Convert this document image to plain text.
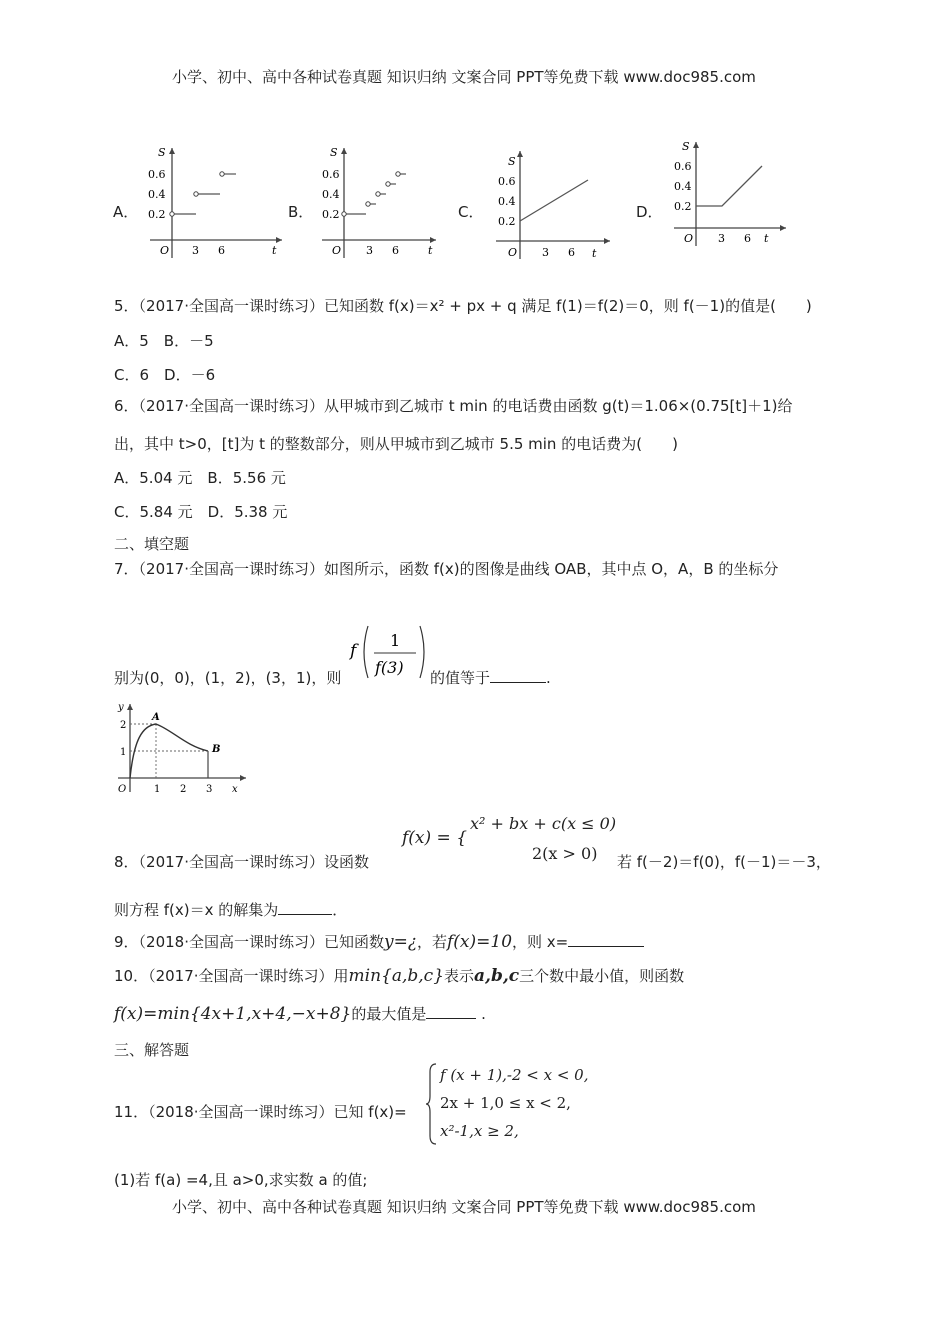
小学、初中、高中各种试卷真题 知识归纳 文案合同 PPT等免费下载 www.doc985.com
A．
S
t
O
0.2
0.4
0.6
3 6
B．
S
t
O
0.2
0.4
0.6
3 6
C．
S
t
O
0.2
0.4
0.6
3 6
D．
S
t
O
0.2
0.4
0.6
3 6
5．（2017·全国高一课时练习）已知函数 f(x)＝x² + px + q 满足 f(1)＝f(2)＝0，则 f(－1)的值是(　　)
A．5　B．－5
C．6　D．－6
6．（2017·全国高一课时练习）从甲城市到乙城市 t min 的电话费由函数 g(t)＝1.06×(0.75[t]＋1)给
出，其中 t>0，[t]为 t 的整数部分，则从甲城市到乙城市 5.5 min 的电话费为(　　)
A．5.04 元　B．5.56 元
C．5.84 元　D．5.38 元
二、填空题
7．（2017·全国高一课时练习）如图所示，函数 f(x)的图像是曲线 OAB，其中点 O，A，B 的坐标分
别为(0，0)，(1，2)，(3，1)，则
f
1
f(3)
的值等于	.
y
x
O
1
2
1 2 3
A
B
8．（2017·全国高一课时练习）设函数
f(x) = {
x² + bx + c(x ≤ 0)
2(x > 0) 若 f(－2)＝f(0)，f(－1)＝－3，
则方程 f(x)＝x 的解集为	．
9．（2018·全国高一课时练习）已知函数y=¿，若f(x)=10，则 x=
10．（2017·全国高一课时练习）用min{a,b,c}表示a,b,c三个数中最小值，则函数
f(x)=min{4x+1,x+4,−x+8}的最大值是	.
三、解答题
11．（2018·全国高一课时练习）已知 f(x)=
f (x + 1),-2 < x < 0,
2x + 1,0 ≤ x < 2,
x²-1,x ≥ 2,
(1)若 f(a) =4,且 a>0,求实数 a 的值;
小学、初中、高中各种试卷真题 知识归纳 文案合同 PPT等免费下载 www.doc985.com
